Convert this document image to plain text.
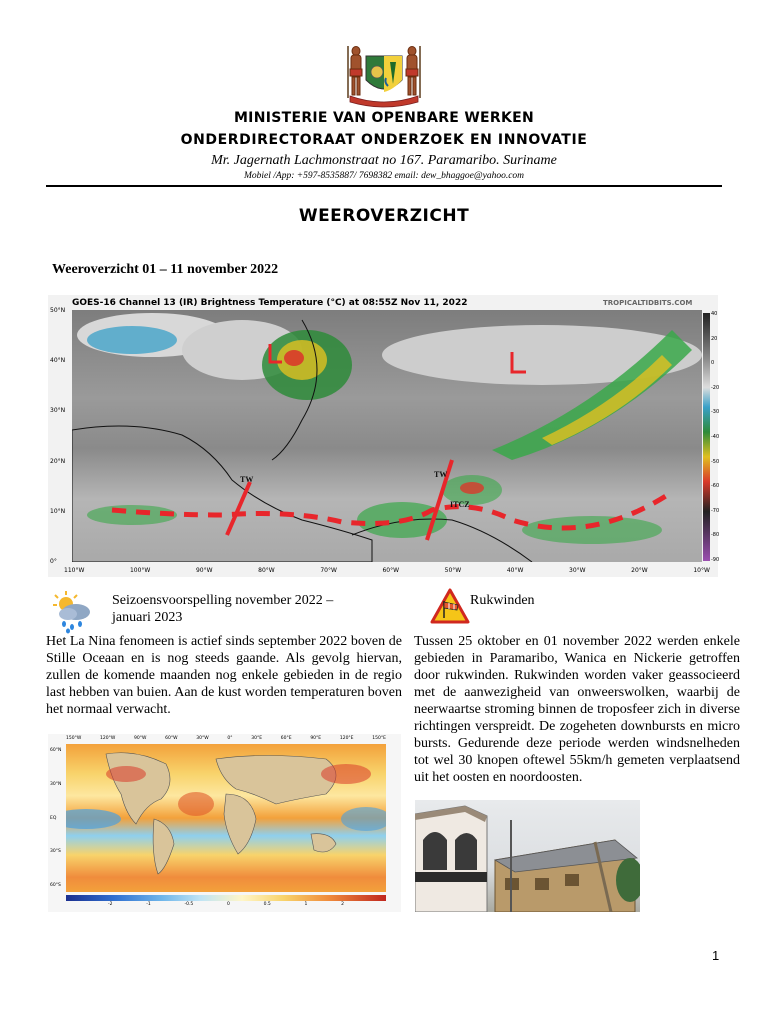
MINISTERIE VAN OPENBARE WERKEN
ONDERDIRECTORAAT ONDERZOEK EN INNOVATIE
Mr. Jagernath Lachmonstraat no 167. Paramaribo. Suriname
Mobiel /App: +597-8535887/ 7698382 email: dew_bhaggoe@yahoo.com
WEEROVERZICHT
Weeroverzicht 01 – 11 november 2022
GOES-16 Channel 13 (IR) Brightness Temperature (°C) at 08:55Z Nov 11, 2022	TROPICALTIDBITS.COM
TW
TW
ITCZ
50°N
40°N
30°N
20°N
10°N
0°
110°W	100°W	90°W	80°W	70°W	60°W	50°W	40°W	30°W	20°W	10°W
40
20
0
-20
-30
-40
-50
-60
-70
-80
-90
Seizoensvoorspelling november 2022 – januari 2023
Het La Nina fenomeen is actief sinds september 2022 boven de Stille Oceaan en is nog steeds gaande. Als gevolg hiervan, zullen de komende maanden nog enkele gebieden in de regio last hebben van buien. Aan de kust worden temperaturen boven het normaal verwacht.
150°W	120°W	90°W	60°W	30°W	0°	30°E	60°E	90°E	120°E	150°E
60°N
30°N
EQ
30°S
60°S
-2	-1	-0.5	0	0.5	1	2
Rukwinden
Tussen 25 oktober en 01 november 2022 werden enkele gebieden in Paramaribo, Wanica en Nickerie getroffen door rukwinden. Rukwinden worden vaker geassocieerd met de aanwezigheid van onweerswolken, waarbij de neerwaartse stroming binnen de troposfeer zich in diverse richtingen verspreidt. De zogeheten downbursts en micro bursts. Gedurende deze periode werden windsnelheden tot wel 30 knopen oftewel 55km/h gemeten verplaatsend uit het oosten en noordoosten.
1
